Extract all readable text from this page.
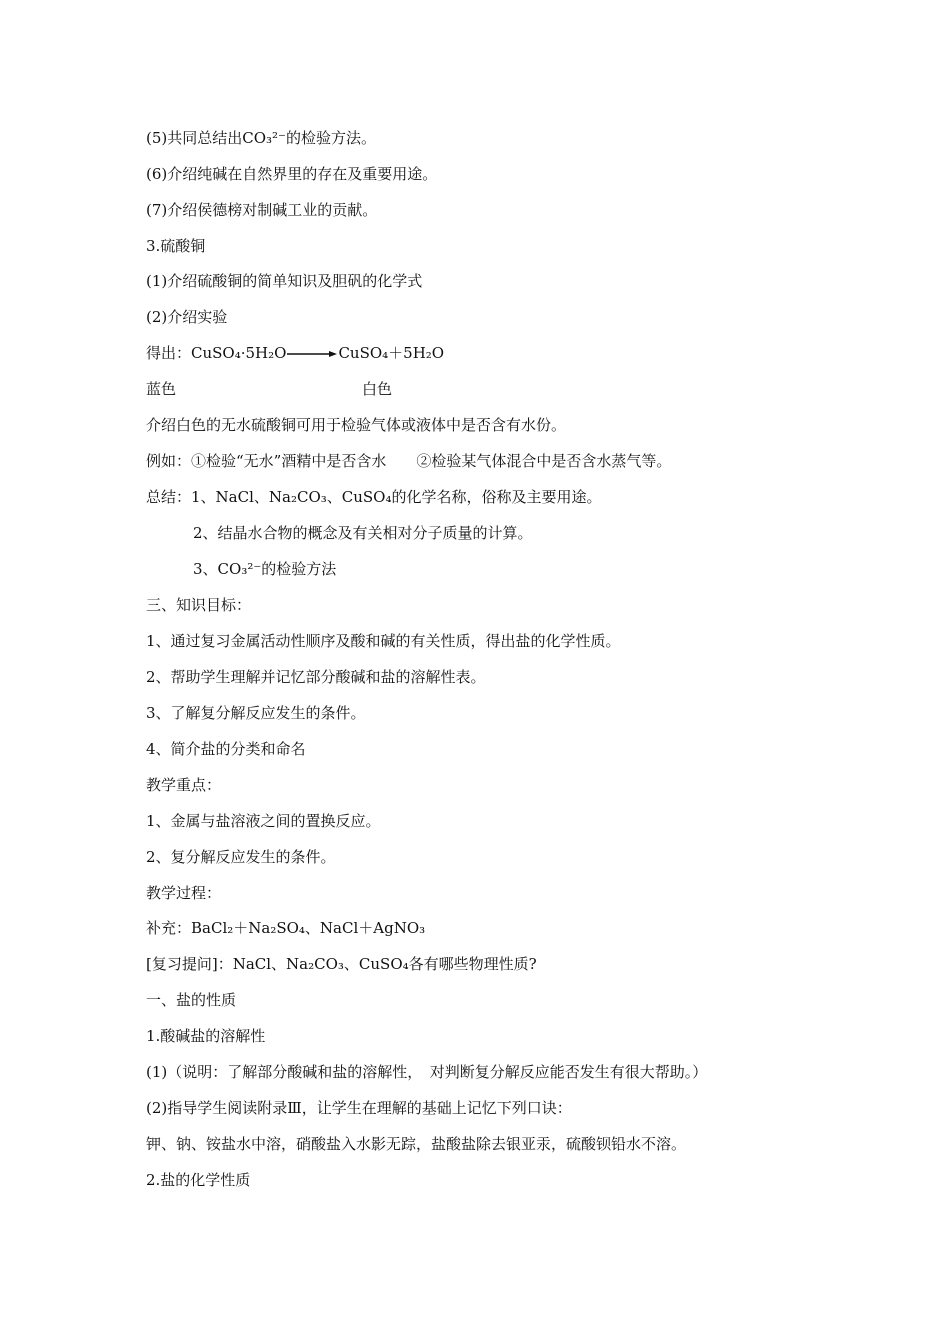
(5)共同总结出CO₃²⁻的检验方法。
(6)介绍纯碱在自然界里的存在及重要用途。
(7)介绍侯德榜对制碱工业的贡献。
3.硫酸铜
(1)介绍硫酸铜的简单知识及胆矾的化学式
(2)介绍实验
得出：CuSO₄·5H₂O→CuSO₄＋5H₂O
蓝色	白色
介绍白色的无水硫酸铜可用于检验气体或液体中是否含有水份。
例如：①检验“无水”酒精中是否含水　　②检验某气体混合中是否含水蒸气等。
总结：1、NaCl、Na₂CO₃、CuSO₄的化学名称，俗称及主要用途。
2、结晶水合物的概念及有关相对分子质量的计算。
3、CO₃²⁻的检验方法
三、知识目标：
1、通过复习金属活动性顺序及酸和碱的有关性质，得出盐的化学性质。
2、帮助学生理解并记忆部分酸碱和盐的溶解性表。
3、了解复分解反应发生的条件。
4、简介盐的分类和命名
教学重点：
1、金属与盐溶液之间的置换反应。
2、复分解反应发生的条件。
教学过程：
补充：BaCl₂＋Na₂SO₄、NaCl＋AgNO₃
[复习提问]：NaCl、Na₂CO₃、CuSO₄各有哪些物理性质?
一、盐的性质
1.酸碱盐的溶解性
(1)（说明：了解部分酸碱和盐的溶解性，　对判断复分解反应能否发生有很大帮助。）
(2)指导学生阅读附录Ⅲ，让学生在理解的基础上记忆下列口诀：
钾、钠、铵盐水中溶，硝酸盐入水影无踪，盐酸盐除去银亚汞，硫酸钡铅水不溶。
2.盐的化学性质
